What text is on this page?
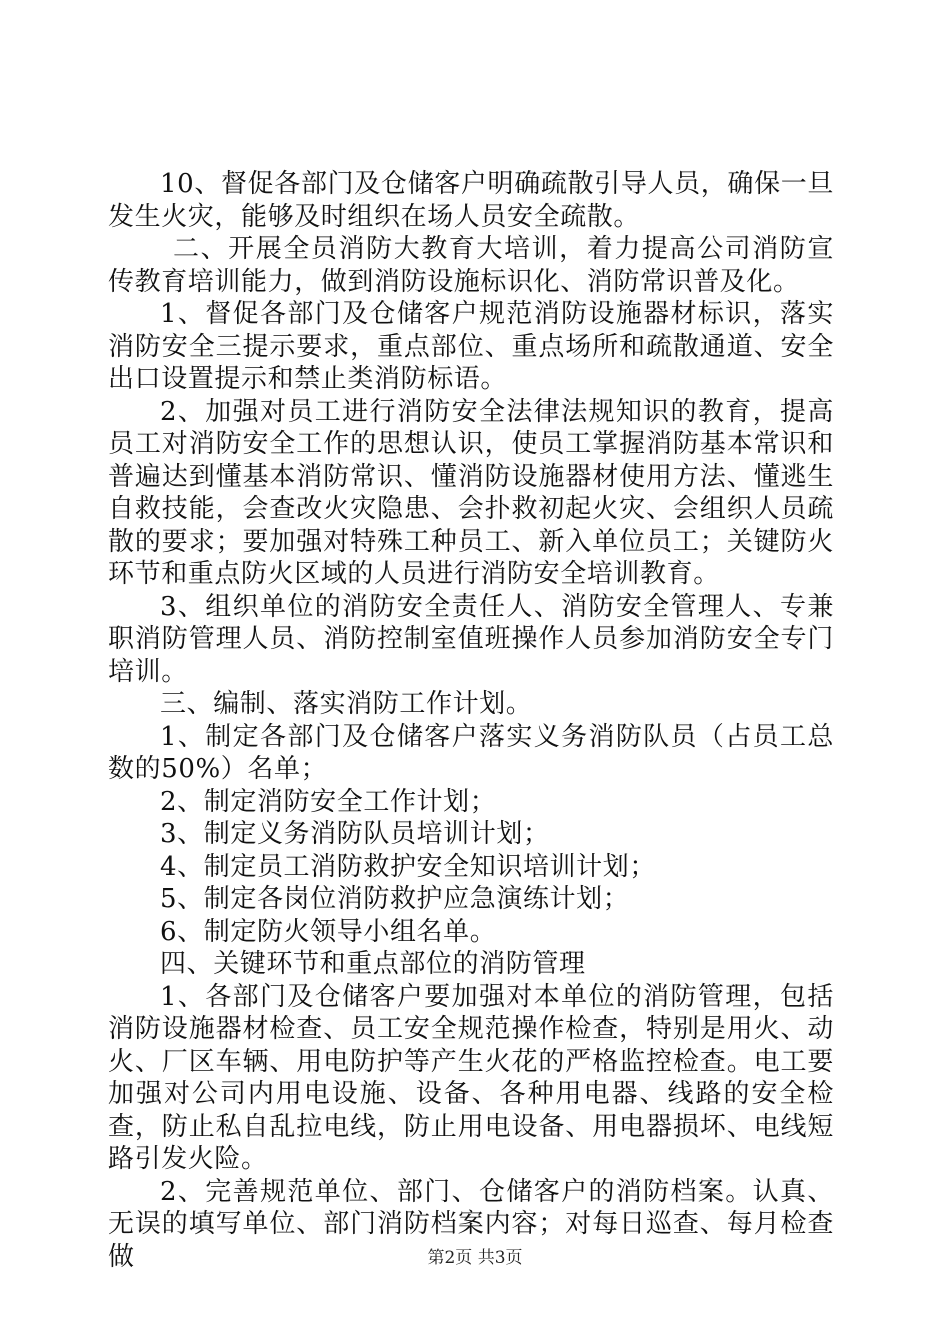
10、督促各部门及仓储客户明确疏散引导人员，确保一旦发生火灾，能够及时组织在场人员安全疏散。

二、开展全员消防大教育大培训，着力提高公司消防宣传教育培训能力，做到消防设施标识化、消防常识普及化。

1、督促各部门及仓储客户规范消防设施器材标识，落实消防安全三提示要求，重点部位、重点场所和疏散通道、安全出口设置提示和禁止类消防标语。

2、加强对员工进行消防安全法律法规知识的教育，提高员工对消防安全工作的思想认识，使员工掌握消防基本常识和普遍达到懂基本消防常识、懂消防设施器材使用方法、懂逃生自救技能，会查改火灾隐患、会扑救初起火灾、会组织人员疏散的要求；要加强对特殊工种员工、新入单位员工；关键防火环节和重点防火区域的人员进行消防安全培训教育。

3、组织单位的消防安全责任人、消防安全管理人、专兼职消防管理人员、消防控制室值班操作人员参加消防安全专门培训。

三、编制、落实消防工作计划。

1、制定各部门及仓储客户落实义务消防队员（占员工总数的50%）名单；

2、制定消防安全工作计划；

3、制定义务消防队员培训计划；

4、制定员工消防救护安全知识培训计划；

5、制定各岗位消防救护应急演练计划；

6、制定防火领导小组名单。

四、关键环节和重点部位的消防管理

1、各部门及仓储客户要加强对本单位的消防管理，包括消防设施器材检查、员工安全规范操作检查，特别是用火、动火、厂区车辆、用电防护等产生火花的严格监控检查。电工要加强对公司内用电设施、设备、各种用电器、线路的安全检查，防止私自乱拉电线，防止用电设备、用电器损坏、电线短路引发火险。

2、完善规范单位、部门、仓储客户的消防档案。认真、无误的填写单位、部门消防档案内容；对每日巡查、每月检查做	第2页 共3页
